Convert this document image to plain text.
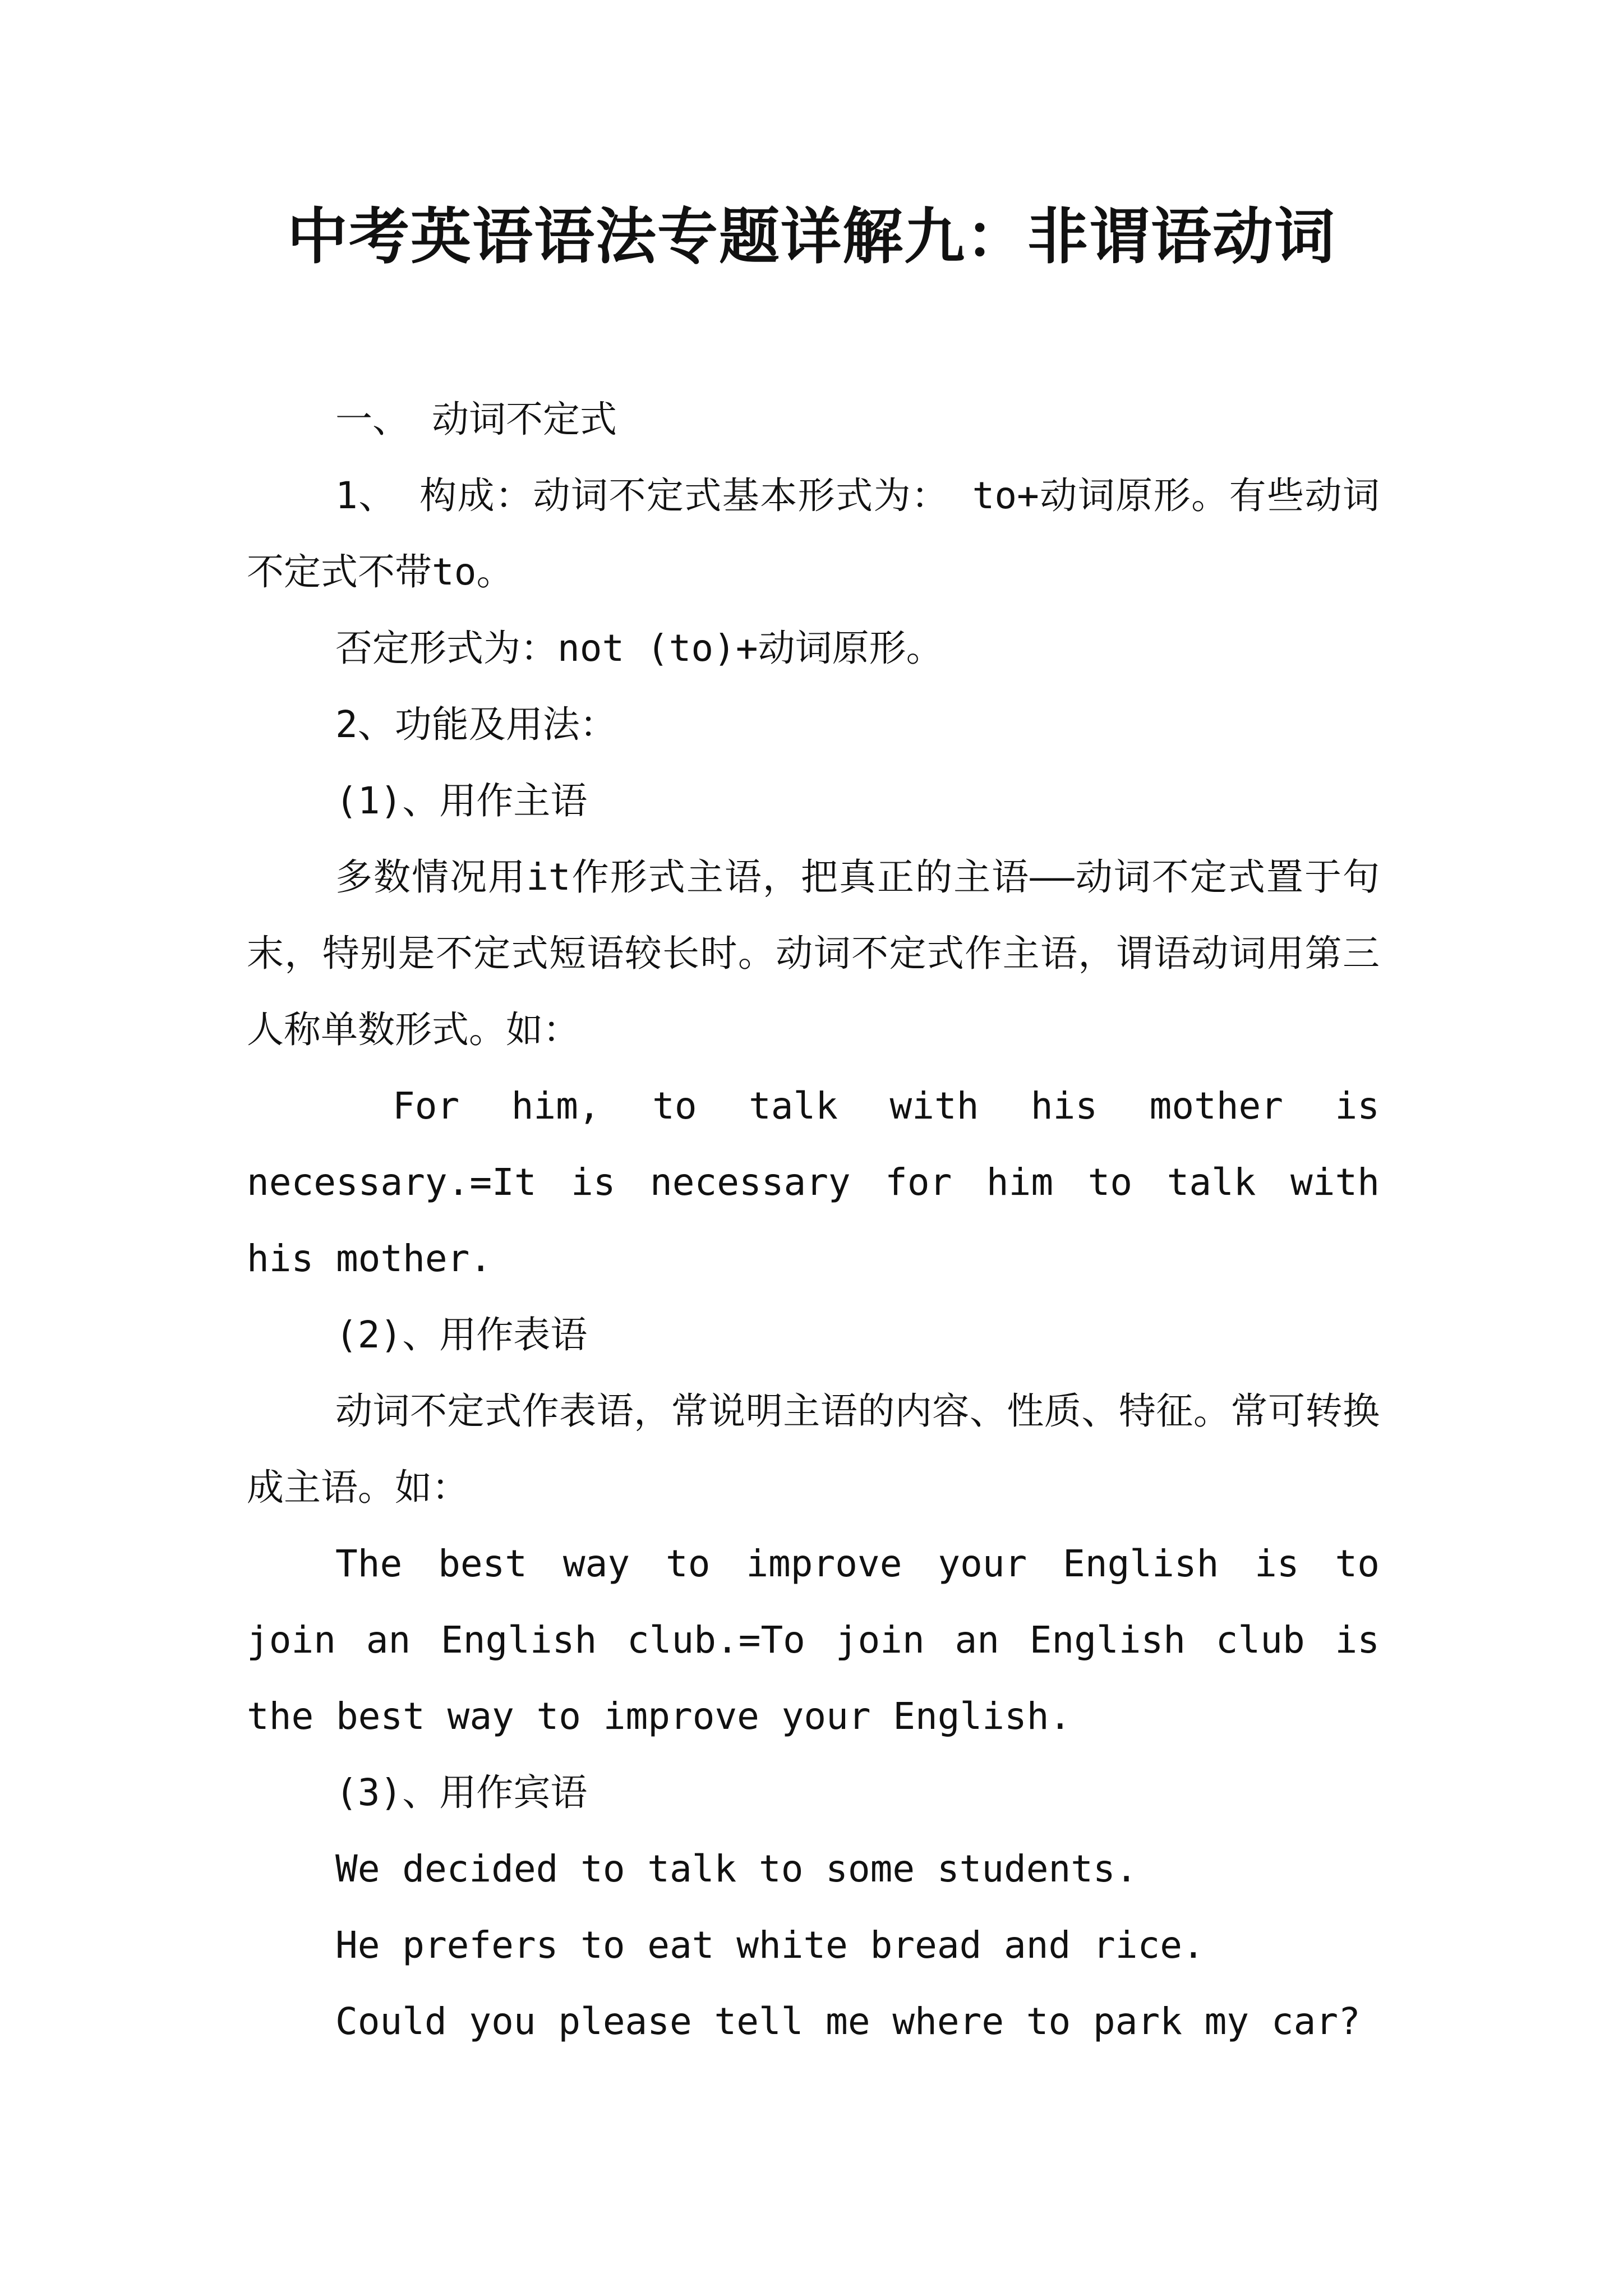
中考英语语法专题详解九：非谓语动词

一、 动词不定式

1、 构成：动词不定式基本形式为： to+动词原形。有些动词不定式不带to。

否定形式为：not (to)+动词原形。

2、功能及用法：

(1)、用作主语

多数情况用it作形式主语，把真正的主语——动词不定式置于句末，特别是不定式短语较长时。动词不定式作主语，谓语动词用第三人称单数形式。如：

For him, to talk with his mother is necessary.=It is necessary for him to talk with his mother.

(2)、用作表语

动词不定式作表语，常说明主语的内容、性质、特征。常可转换成主语。如：

The best way to improve your English is to join an English club.=To join an English club is the best way to improve your English.

(3)、用作宾语

We decided to talk to some students.

He prefers to eat white bread and rice.

Could you please tell me where to park my car?
